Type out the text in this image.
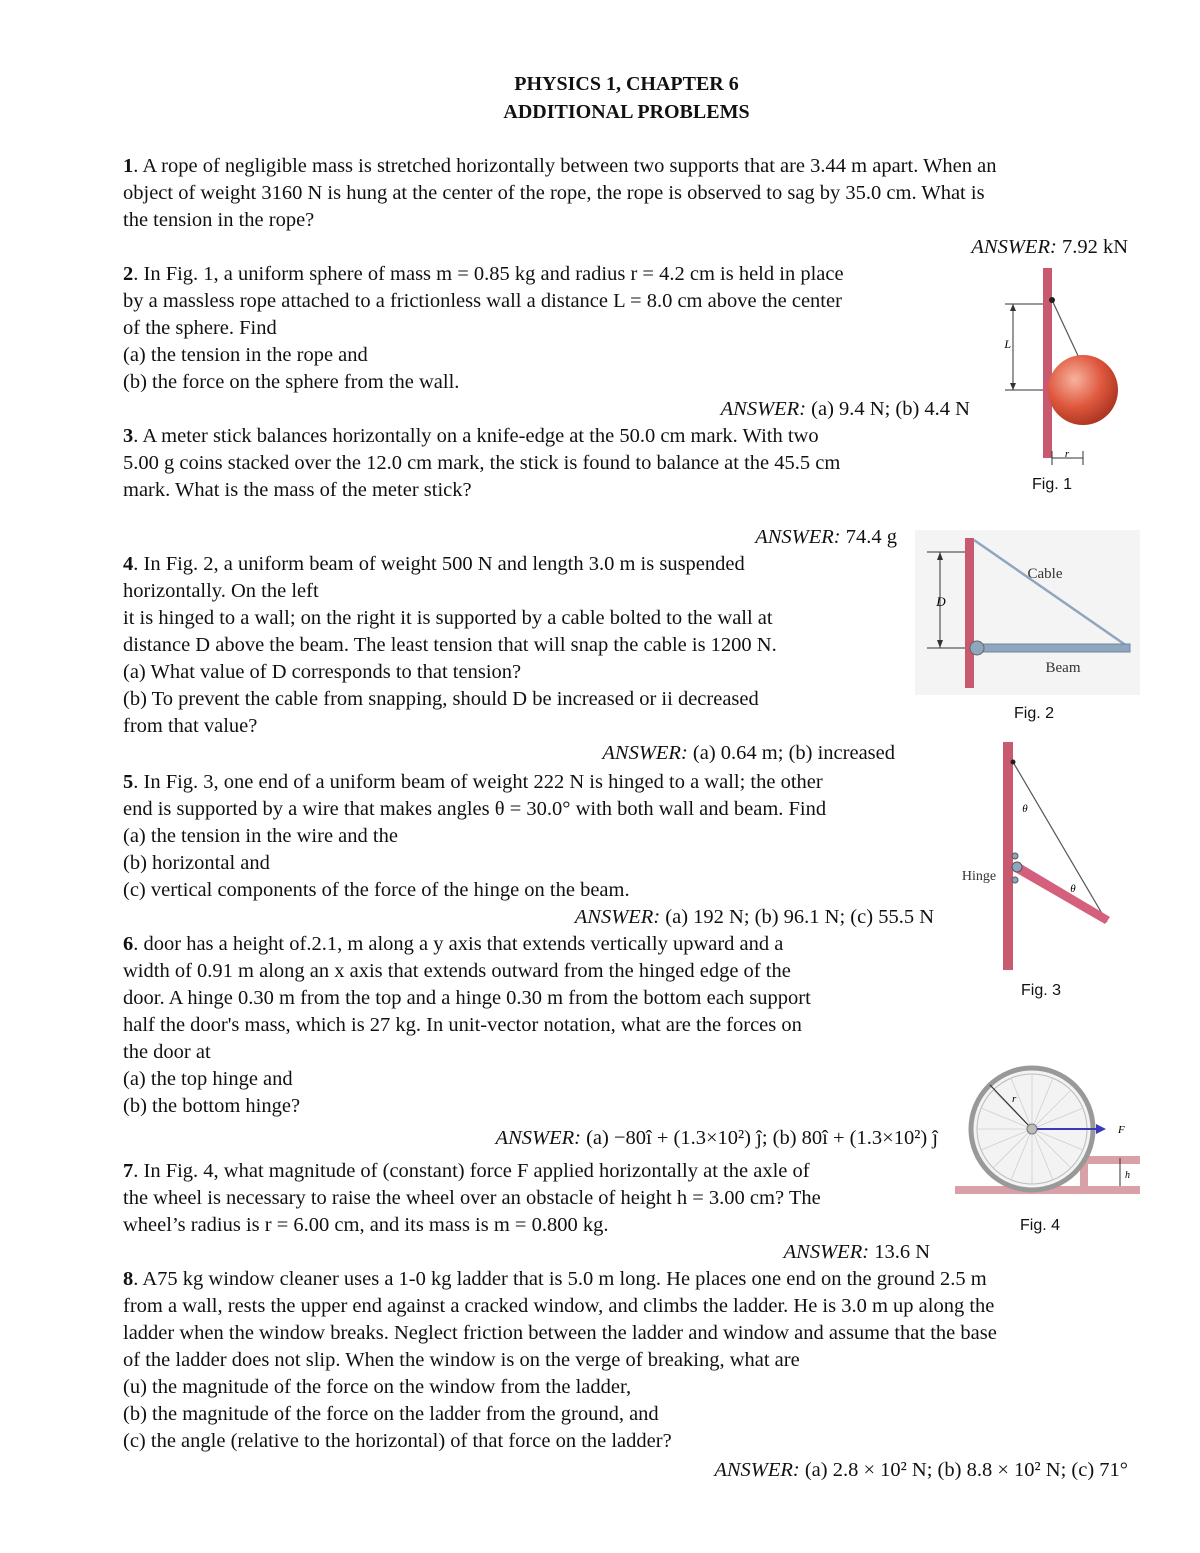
PHYSICS 1, CHAPTER 6
ADDITIONAL PROBLEMS
1. A rope of negligible mass is stretched horizontally between two supports that are 3.44 m apart. When an
object of weight 3160 N is hung at the center of the rope, the rope is observed to sag by 35.0 cm. What is
the tension in the rope?
ANSWER: 7.92 kN
2. In Fig. 1, a uniform sphere of mass m = 0.85 kg and radius r = 4.2 cm is held in place
by a massless rope attached to a frictionless wall a distance L = 8.0 cm above the center
of the sphere. Find
(a) the tension in the rope and
(b) the force on the sphere from the wall.
ANSWER: (a) 9.4 N; (b) 4.4 N
3. A meter stick balances horizontally on a knife-edge at the 50.0 cm mark. With two
5.00 g coins stacked over the 12.0 cm mark, the stick is found to balance at the 45.5 cm
mark. What is the mass of the meter stick?
ANSWER: 74.4 g
4. In Fig. 2, a uniform beam of weight 500 N and length 3.0 m is suspended
horizontally. On the left
it is hinged to a wall; on the right it is supported by a cable bolted to the wall at
distance D above the beam. The least tension that will snap the cable is 1200 N.
(a) What value of D corresponds to that tension?
(b) To prevent the cable from snapping, should D be increased or ii decreased
from that value?
ANSWER: (a) 0.64 m; (b) increased
5. In Fig. 3, one end of a uniform beam of weight 222 N is hinged to a wall; the other
end is supported by a wire that makes angles θ = 30.0° with both wall and beam. Find
(a) the tension in the wire and the
(b) horizontal and
(c) vertical components of the force of the hinge on the beam.
ANSWER: (a) 192 N; (b) 96.1 N; (c) 55.5 N
6. door has a height of.2.1, m along a y axis that extends vertically upward and a
width of 0.91 m along an x axis that extends outward from the hinged edge of the
door. A hinge 0.30 m from the top and a hinge 0.30 m from the bottom each support
half the door's mass, which is 27 kg. In unit-vector notation, what are the forces on
the door at
(a) the top hinge and
(b) the bottom hinge?
ANSWER: (a) −80î + (1.3×10²) ĵ; (b) 80î + (1.3×10²) ĵ
7. In Fig. 4, what magnitude of (constant) force F applied horizontally at the axle of
the wheel is necessary to raise the wheel over an obstacle of height h = 3.00 cm? The
wheel’s radius is r = 6.00 cm, and its mass is m = 0.800 kg.
ANSWER: 13.6 N
8. A75 kg window cleaner uses a 1-0 kg ladder that is 5.0 m long. He places one end on the ground 2.5 m
from a wall, rests the upper end against a cracked window, and climbs the ladder. He is 3.0 m up along the
ladder when the window breaks. Neglect friction between the ladder and window and assume that the base
of the ladder does not slip. When the window is on the verge of breaking, what are
(u) the magnitude of the force on the window from the ladder,
(b) the magnitude of the force on the ladder from the ground, and
(c) the angle (relative to the horizontal) of that force on the ladder?
ANSWER: (a) 2.8 × 10² N; (b) 8.8 × 10² N; (c) 71°
L
r
Fig. 1
D
Cable
Beam
Fig. 2
θ
θ
Hinge
Fig. 3
r
F
h
Fig. 4
